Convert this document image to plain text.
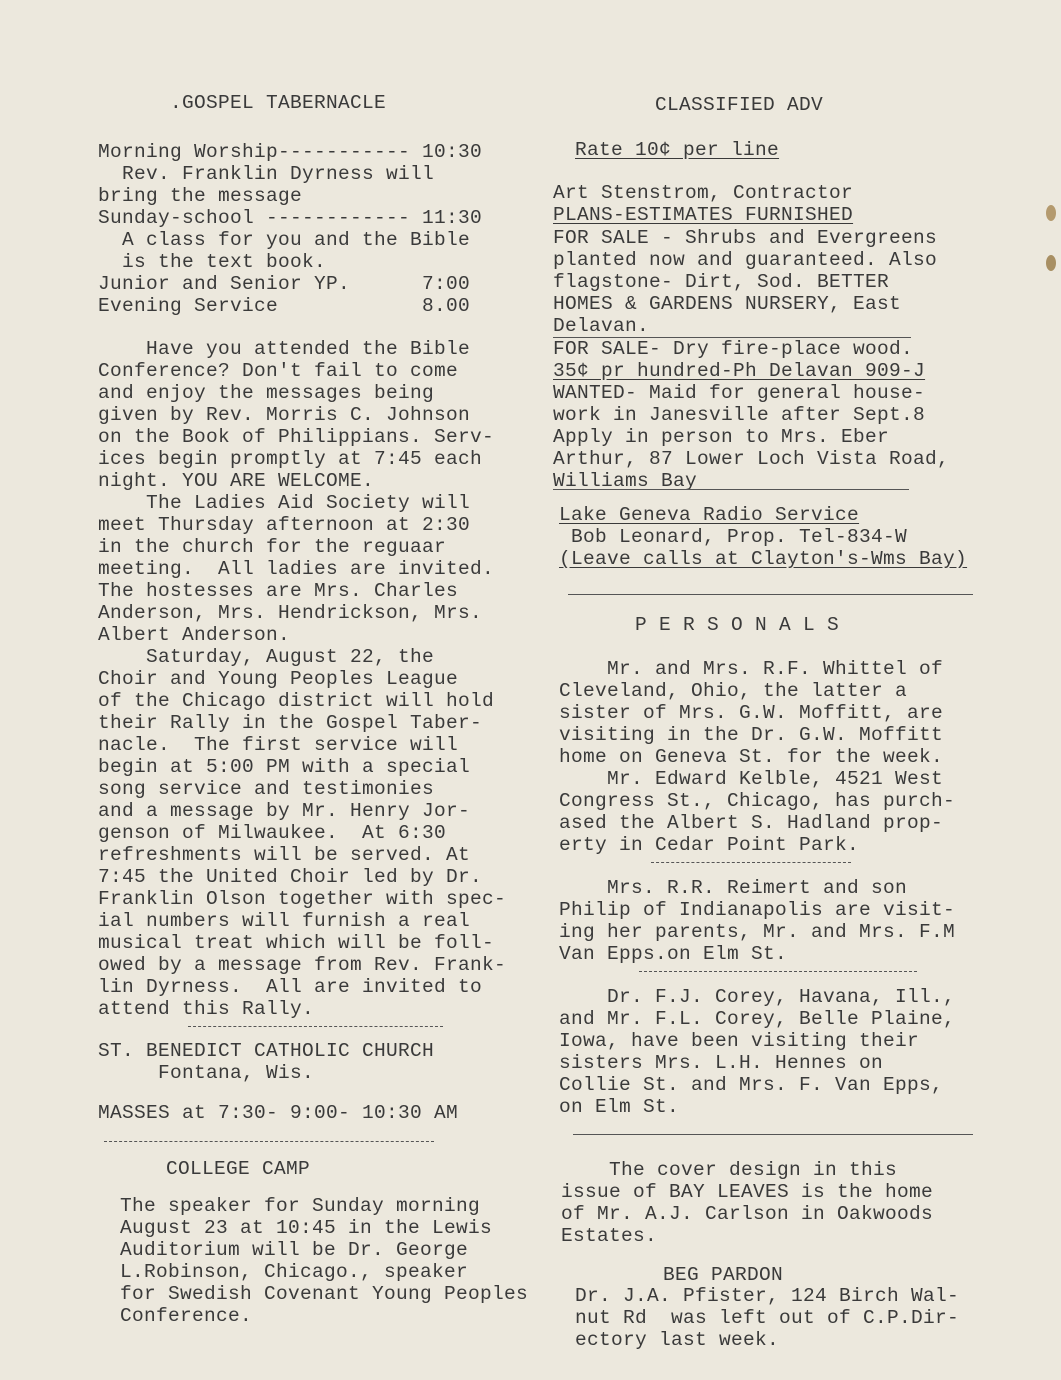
.GOSPEL TABERNACLE
Morning Worship----------- 10:30
Rev. Franklin Dyrness will
bring the message
Sunday-school ------------ 11:30
A class for you and the Bible
is the text book.
Junior and Senior YP.      7:00
Evening Service            8.00
Have you attended the Bible
Conference? Don't fail to come
and enjoy the messages being
given by Rev. Morris C. Johnson
on the Book of Philippians. Serv-
ices begin promptly at 7:45 each
night. YOU ARE WELCOME.
The Ladies Aid Society will
meet Thursday afternoon at 2:30
in the church for the reguaar
meeting.  All ladies are invited.
The hostesses are Mrs. Charles
Anderson, Mrs. Hendrickson, Mrs.
Albert Anderson.
Saturday, August 22, the
Choir and Young Peoples League
of the Chicago district will hold
their Rally in the Gospel Taber-
nacle.  The first service will
begin at 5:00 PM with a special
song service and testimonies
and a message by Mr. Henry Jor-
genson of Milwaukee.  At 6:30
refreshments will be served. At
7:45 the United Choir led by Dr.
Franklin Olson together with spec-
ial numbers will furnish a real
musical treat which will be foll-
owed by a message from Rev. Frank-
lin Dyrness.  All are invited to
attend this Rally.
ST. BENEDICT CATHOLIC CHURCH
Fontana, Wis.
MASSES at 7:30- 9:00- 10:30 AM
COLLEGE CAMP
The speaker for Sunday morning
August 23 at 10:45 in the Lewis
Auditorium will be Dr. George
L.Robinson, Chicago., speaker
for Swedish Covenant Young Peoples
Conference.
CLASSIFIED ADV
Rate 10¢ per line
Art Stenstrom, Contractor
PLANS-ESTIMATES FURNISHED
FOR SALE - Shrubs and Evergreens
planted now and guaranteed. Also
flagstone- Dirt, Sod. BETTER
HOMES & GARDENS NURSERY, East
Delavan.
FOR SALE- Dry fire-place wood.
35¢ pr hundred-Ph Delavan 909-J
WANTED- Maid for general house-
work in Janesville after Sept.8
Apply in person to Mrs. Eber
Arthur, 87 Lower Loch Vista Road,
Williams Bay
Lake Geneva Radio Service
Bob Leonard, Prop. Tel-834-W
(Leave calls at Clayton's-Wms Bay)
P E R S O N A L S
Mr. and Mrs. R.F. Whittel of
Cleveland, Ohio, the latter a
sister of Mrs. G.W. Moffitt, are
visiting in the Dr. G.W. Moffitt
home on Geneva St. for the week.
Mr. Edward Kelble, 4521 West
Congress St., Chicago, has purch-
ased the Albert S. Hadland prop-
erty in Cedar Point Park.
Mrs. R.R. Reimert and son
Philip of Indianapolis are visit-
ing her parents, Mr. and Mrs. F.M
Van Epps.on Elm St.
Dr. F.J. Corey, Havana, Ill.,
and Mr. F.L. Corey, Belle Plaine,
Iowa, have been visiting their
sisters Mrs. L.H. Hennes on
Collie St. and Mrs. F. Van Epps,
on Elm St.
The cover design in this
issue of BAY LEAVES is the home
of Mr. A.J. Carlson in Oakwoods
Estates.
BEG PARDON
Dr. J.A. Pfister, 124 Birch Wal-
nut Rd  was left out of C.P.Dir-
ectory last week.
